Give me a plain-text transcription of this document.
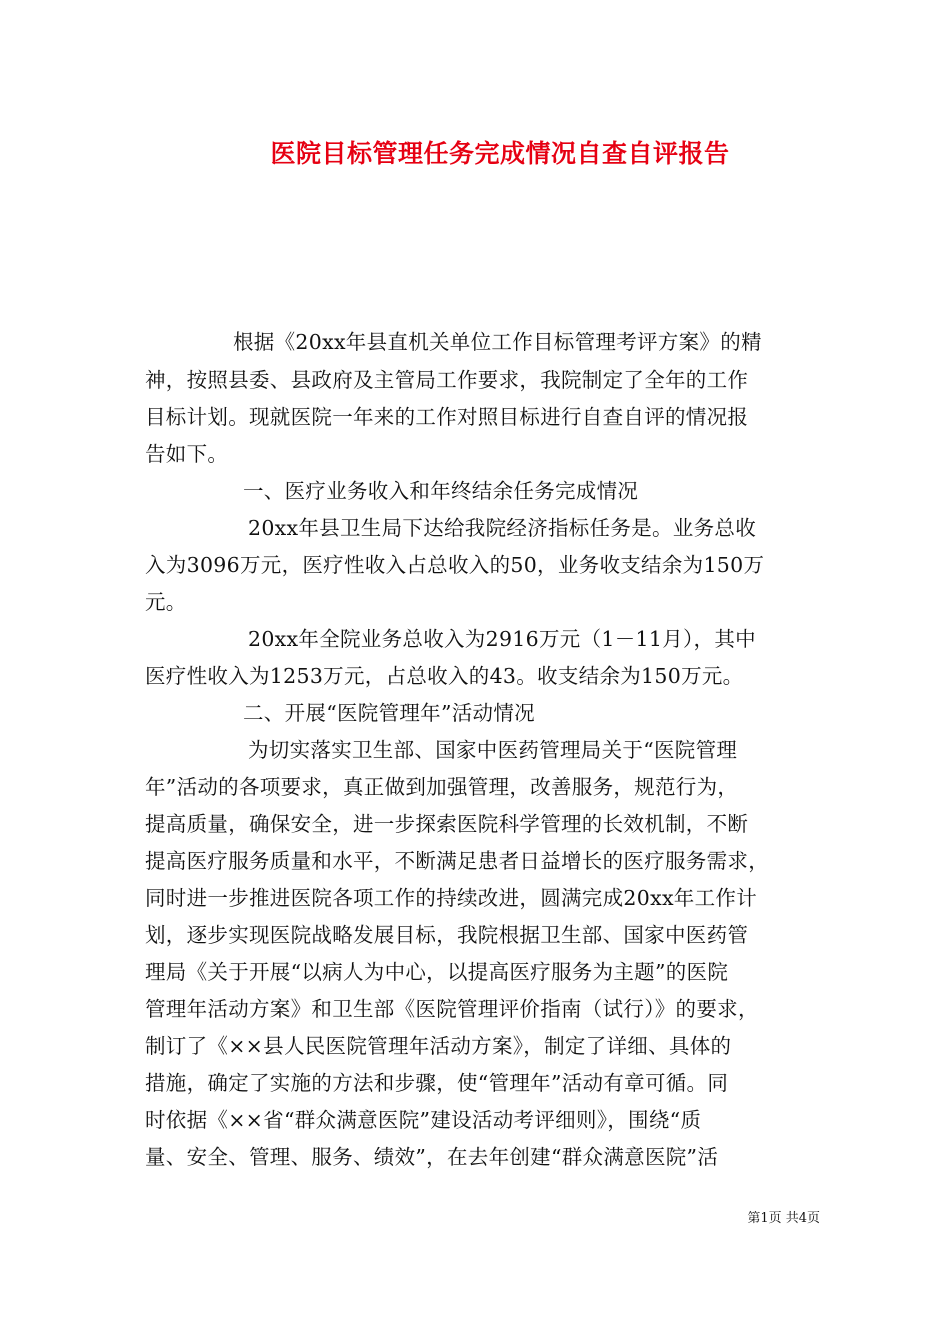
医院目标管理任务完成情况自查自评报告
根据《20xx年县直机关单位工作目标管理考评方案》的精
神，按照县委、县政府及主管局工作要求，我院制定了全年的工作
目标计划。现就医院一年来的工作对照目标进行自查自评的情况报
告如下。
一、医疗业务收入和年终结余任务完成情况
20xx年县卫生局下达给我院经济指标任务是。业务总收
入为3096万元，医疗性收入占总收入的50，业务收支结余为150万
元。
20xx年全院业务总收入为2916万元（1－11月），其中
医疗性收入为1253万元，占总收入的43。收支结余为150万元。
二、开展“医院管理年”活动情况
为切实落实卫生部、国家中医药管理局关于“医院管理
年”活动的各项要求，真正做到加强管理，改善服务，规范行为，
提高质量，确保安全，进一步探索医院科学管理的长效机制，不断
提高医疗服务质量和水平，不断满足患者日益增长的医疗服务需求，
同时进一步推进医院各项工作的持续改进，圆满完成20xx年工作计
划，逐步实现医院战略发展目标，我院根据卫生部、国家中医药管
理局《关于开展“以病人为中心，以提高医疗服务为主题”的医院
管理年活动方案》和卫生部《医院管理评价指南（试行）》的要求，
制订了《××县人民医院管理年活动方案》，制定了详细、具体的
措施，确定了实施的方法和步骤，使“管理年”活动有章可循。同
时依据《××省“群众满意医院”建设活动考评细则》，围绕“质
量、安全、管理、服务、绩效”，在去年创建“群众满意医院”活
第1页 共4页
